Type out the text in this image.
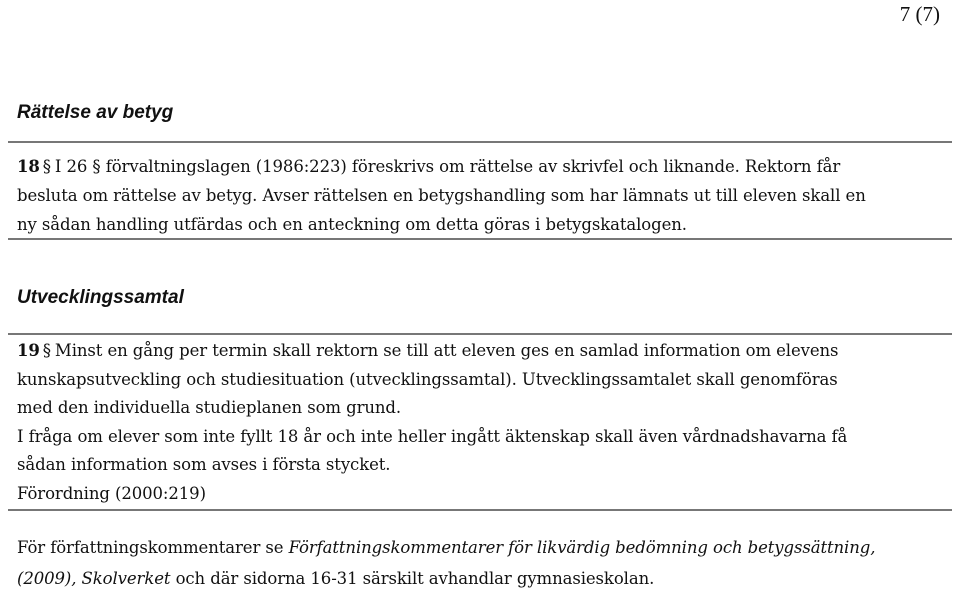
7 (7)
Rättelse av betyg

18 § I 26 § förvaltningslagen (1986:223) föreskrivs om rättelse av skrivfel och liknande. Rektorn får
besluta om rättelse av betyg. Avser rättelsen en betygshandling som har lämnats ut till eleven skall en
ny sådan handling utfärdas och en anteckning om detta göras i betygskatalogen.

Utvecklingssamtal

19 § Minst en gång per termin skall rektorn se till att eleven ges en samlad information om elevens
kunskapsutveckling och studiesituation (utvecklingssamtal). Utvecklingssamtalet skall genomföras
med den individuella studieplanen som grund.
I fråga om elever som inte fyllt 18 år och inte heller ingått äktenskap skall även vårdnadshavarna få
sådan information som avses i första stycket.
Förordning (2000:219)

För författningskommentarer se Författningskommentarer för likvärdig bedömning och betygssättning,
(2009), Skolverket och där sidorna 16-31 särskilt avhandlar gymnasieskolan.
